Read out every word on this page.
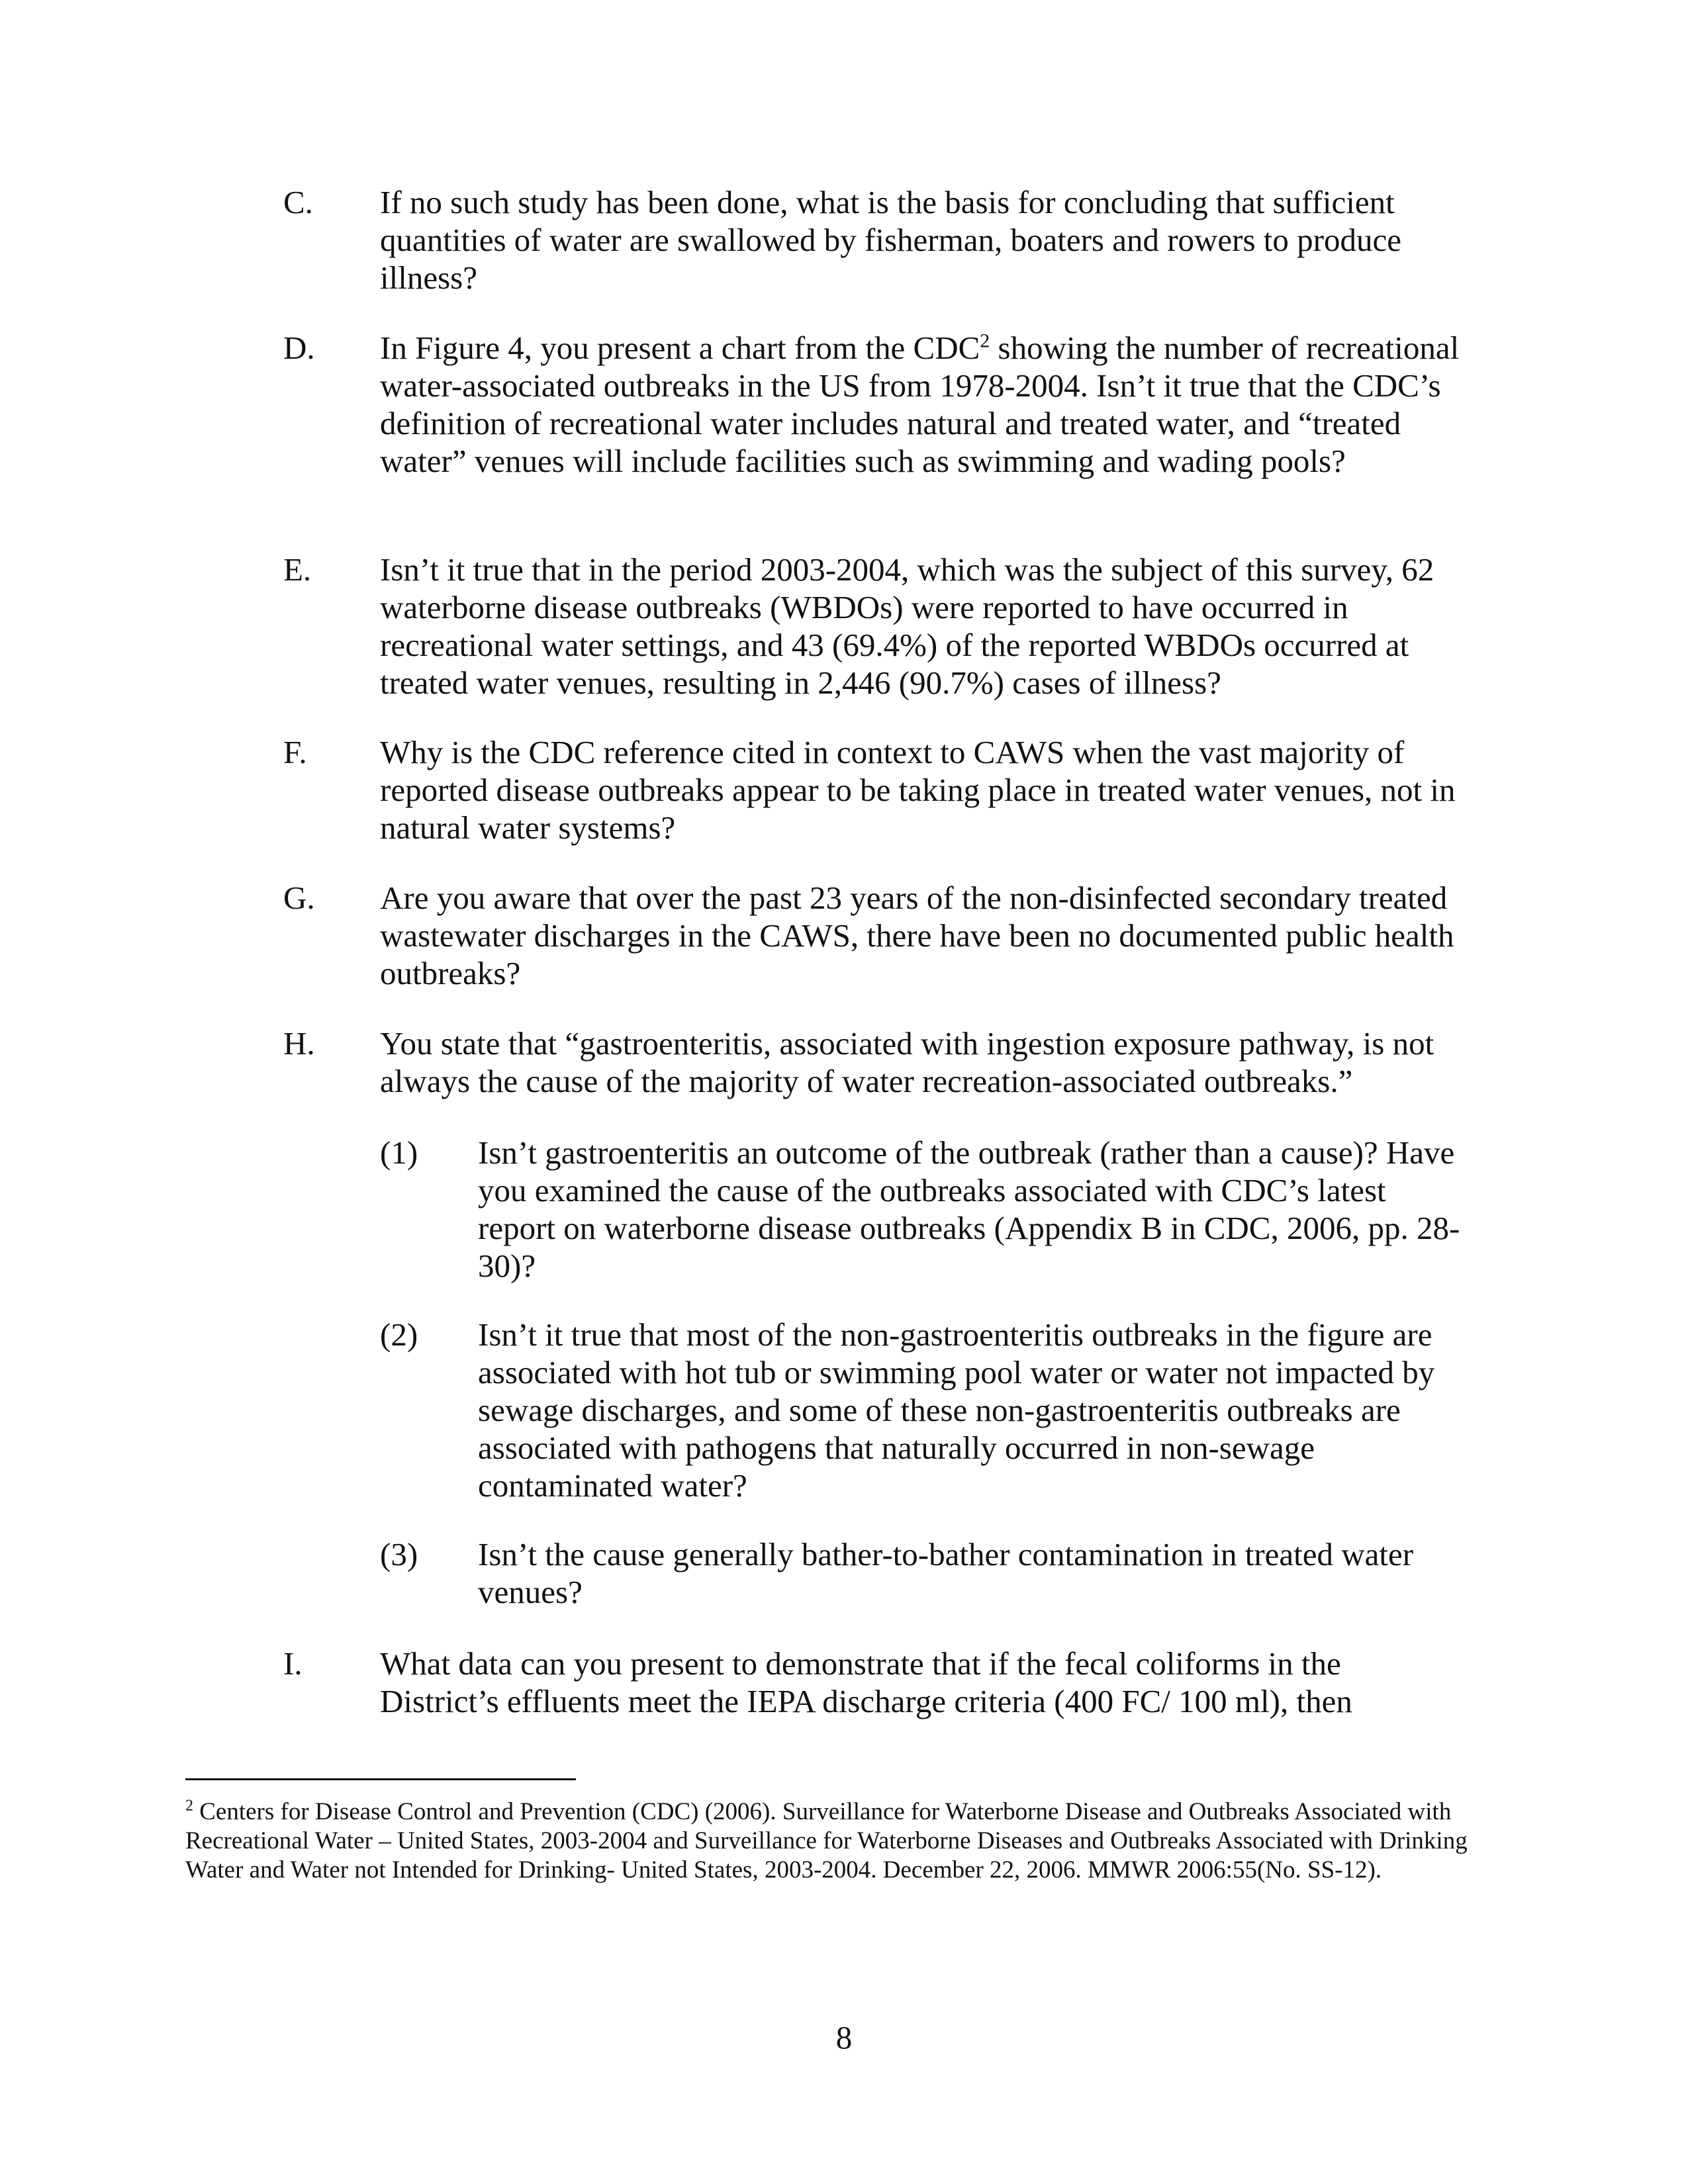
C. If no such study has been done, what is the basis for concluding that sufficient quantities of water are swallowed by fisherman, boaters and rowers to produce illness?
D. In Figure 4, you present a chart from the CDC$^2$ showing the number of recreational water-associated outbreaks in the US from 1978-2004. Isn’t it true that the CDC’s definition of recreational water includes natural and treated water, and “treated water” venues will include facilities such as swimming and wading pools?
E. Isn’t it true that in the period 2003-2004, which was the subject of this survey, 62 waterborne disease outbreaks (WBDOs) were reported to have occurred in recreational water settings, and 43 (69.4%) of the reported WBDOs occurred at treated water venues, resulting in 2,446 (90.7%) cases of illness?
F. Why is the CDC reference cited in context to CAWS when the vast majority of reported disease outbreaks appear to be taking place in treated water venues, not in natural water systems?
G. Are you aware that over the past 23 years of the non-disinfected secondary treated wastewater discharges in the CAWS, there have been no documented public health outbreaks?
H. You state that “gastroenteritis, associated with ingestion exposure pathway, is not always the cause of the majority of water recreation-associated outbreaks.”
(1) Isn’t gastroenteritis an outcome of the outbreak (rather than a cause)? Have you examined the cause of the outbreaks associated with CDC’s latest report on waterborne disease outbreaks (Appendix B in CDC, 2006, pp. 28-30)?
(2) Isn’t it true that most of the non-gastroenteritis outbreaks in the figure are associated with hot tub or swimming pool water or water not impacted by sewage discharges, and some of these non-gastroenteritis outbreaks are associated with pathogens that naturally occurred in non-sewage contaminated water?
(3) Isn’t the cause generally bather-to-bather contamination in treated water venues?
I. What data can you present to demonstrate that if the fecal coliforms in the District’s effluents meet the IEPA discharge criteria (400 FC/ 100 ml), then
$^2$ Centers for Disease Control and Prevention (CDC) (2006). Surveillance for Waterborne Disease and Outbreaks Associated with Recreational Water – United States, 2003-2004 and Surveillance for Waterborne Diseases and Outbreaks Associated with Drinking Water and Water not Intended for Drinking- United States, 2003-2004. December 22, 2006. MMWR 2006:55(No. SS-12).
8
